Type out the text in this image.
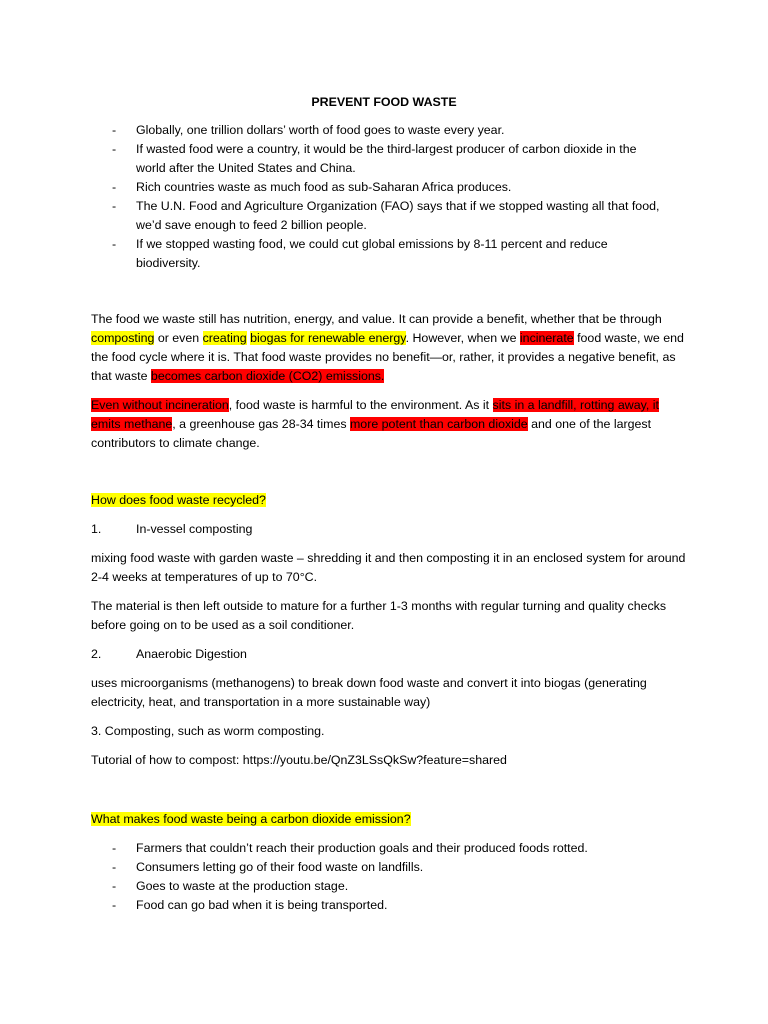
PREVENT FOOD WASTE
- Globally, one trillion dollars’ worth of food goes to waste every year.
- If wasted food were a country, it would be the third-largest producer of carbon dioxide in the world after the United States and China.
- Rich countries waste as much food as sub-Saharan Africa produces.
- The U.N. Food and Agriculture Organization (FAO) says that if we stopped wasting all that food, we’d save enough to feed 2 billion people.
- If we stopped wasting food, we could cut global emissions by 8-11 percent and reduce biodiversity.

The food we waste still has nutrition, energy, and value. It can provide a benefit, whether that be through composting or even creating biogas for renewable energy. However, when we incinerate food waste, we end the food cycle where it is. That food waste provides no benefit—or, rather, it provides a negative benefit, as that waste becomes carbon dioxide (CO2) emissions.

Even without incineration, food waste is harmful to the environment. As it sits in a landfill, rotting away, it emits methane, a greenhouse gas 28-34 times more potent than carbon dioxide and one of the largest contributors to climate change.

How does food waste recycled?

1.	In-vessel composting

mixing food waste with garden waste – shredding it and then composting it in an enclosed system for around 2-4 weeks at temperatures of up to 70°C.

The material is then left outside to mature for a further 1-3 months with regular turning and quality checks before going on to be used as a soil conditioner.

2.	Anaerobic Digestion

uses microorganisms (methanogens) to break down food waste and convert it into biogas (generating electricity, heat, and transportation in a more sustainable way)

3. Composting, such as worm composting.

Tutorial of how to compost: https://youtu.be/QnZ3LSsQkSw?feature=shared

What makes food waste being a carbon dioxide emission?

- Farmers that couldn’t reach their production goals and their produced foods rotted.
- Consumers letting go of their food waste on landfills.
- Goes to waste at the production stage.
- Food can go bad when it is being transported.
